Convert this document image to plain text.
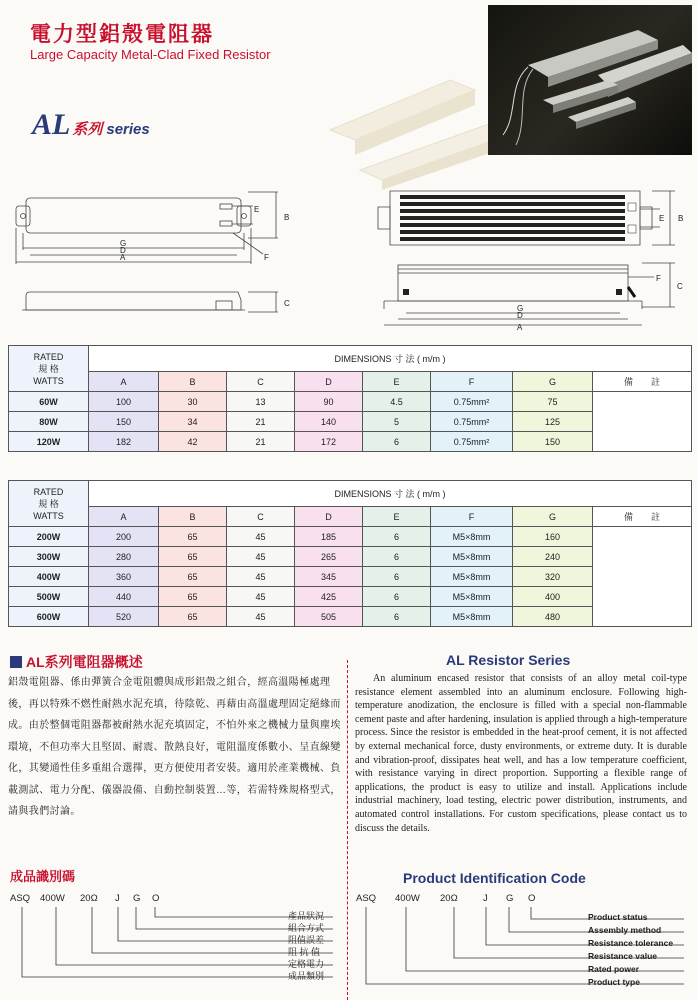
電力型鋁殼電阻器
Large Capacity Metal-Clad Fixed Resistor
AL 系列 series
E
B
F
G
D
A
C
E B
F
C
G
D
A
RATED
規 格
WATTS	DIMENSIONS 寸 法 ( m/m )							
	A	B	C	D	E	F	G	備　　註
60W	100	30	13	90	4.5	0.75mm²	75	
80W	150	34	21	140	5	0.75mm²	125	
120W	182	42	21	172	6	0.75mm²	150	
RATED
規 格
WATTS	DIMENSIONS 寸 法 ( m/m )							
	A	B	C	D	E	F	G	備　　註
200W	200	65	45	185	6	M5×8mm	160	
300W	280	65	45	265	6	M5×8mm	240	
400W	360	65	45	345	6	M5×8mm	320	
500W	440	65	45	425	6	M5×8mm	400	
600W	520	65	45	505	6	M5×8mm	480	
AL系列電阻器概述
鋁殼電阻器、係由彈簧合金電阻體與成形鋁殼之組合，經高溫陽極處理後，再以特殊不燃性耐熱水泥充填，待陰乾、再藉由高溫處理固定絕緣而成。由於整個電阻器都被耐熱水泥充填固定，不怕外來之機械力量與塵埃環境，不但功率大且堅固、耐震、散熱良好，電阻溫度係數小、呈直線變化，其變通性佳多重組合選擇，更方便使用者安裝。適用於產業機械、負載測試、電力分配、儀器設備、自動控制裝置…等，若需特殊規格型式，請與我們討論。
AL Resistor Series
An aluminum encased resistor that consists of an alloy metal coil-type resistance element assembled into an aluminum enclosure. Following high-temperature anodization, the enclosure is filled with a special non-flammable cement paste and after hardening, insulation is applied through a high-temperature process. Since the resistor is embedded in the heat-proof cement, it is not affected by external mechanical force, dusty environments, or extreme duty. It is durable and vibration-proof, dissipates heat well, and has a low temperature coefficient, with resistance varying in direct proportion. Supporting a flexible range of applications, the product is easy to utilize and install. Applications include industrial machinery, load testing, electric power distribution, instruments, and automated control installations. For custom specifications, please contact us to discuss the details.
成品識別碼	Product Identification Code
ASQ 400W 20Ω J G O
產品狀況
組合方式
阻值誤差
阻 抗 值
定格電力
成品類別
ASQ 400W 20Ω	J G O
Product status
Assembly method
Resistance tolerance
Resistance value
Rated power
Product type
